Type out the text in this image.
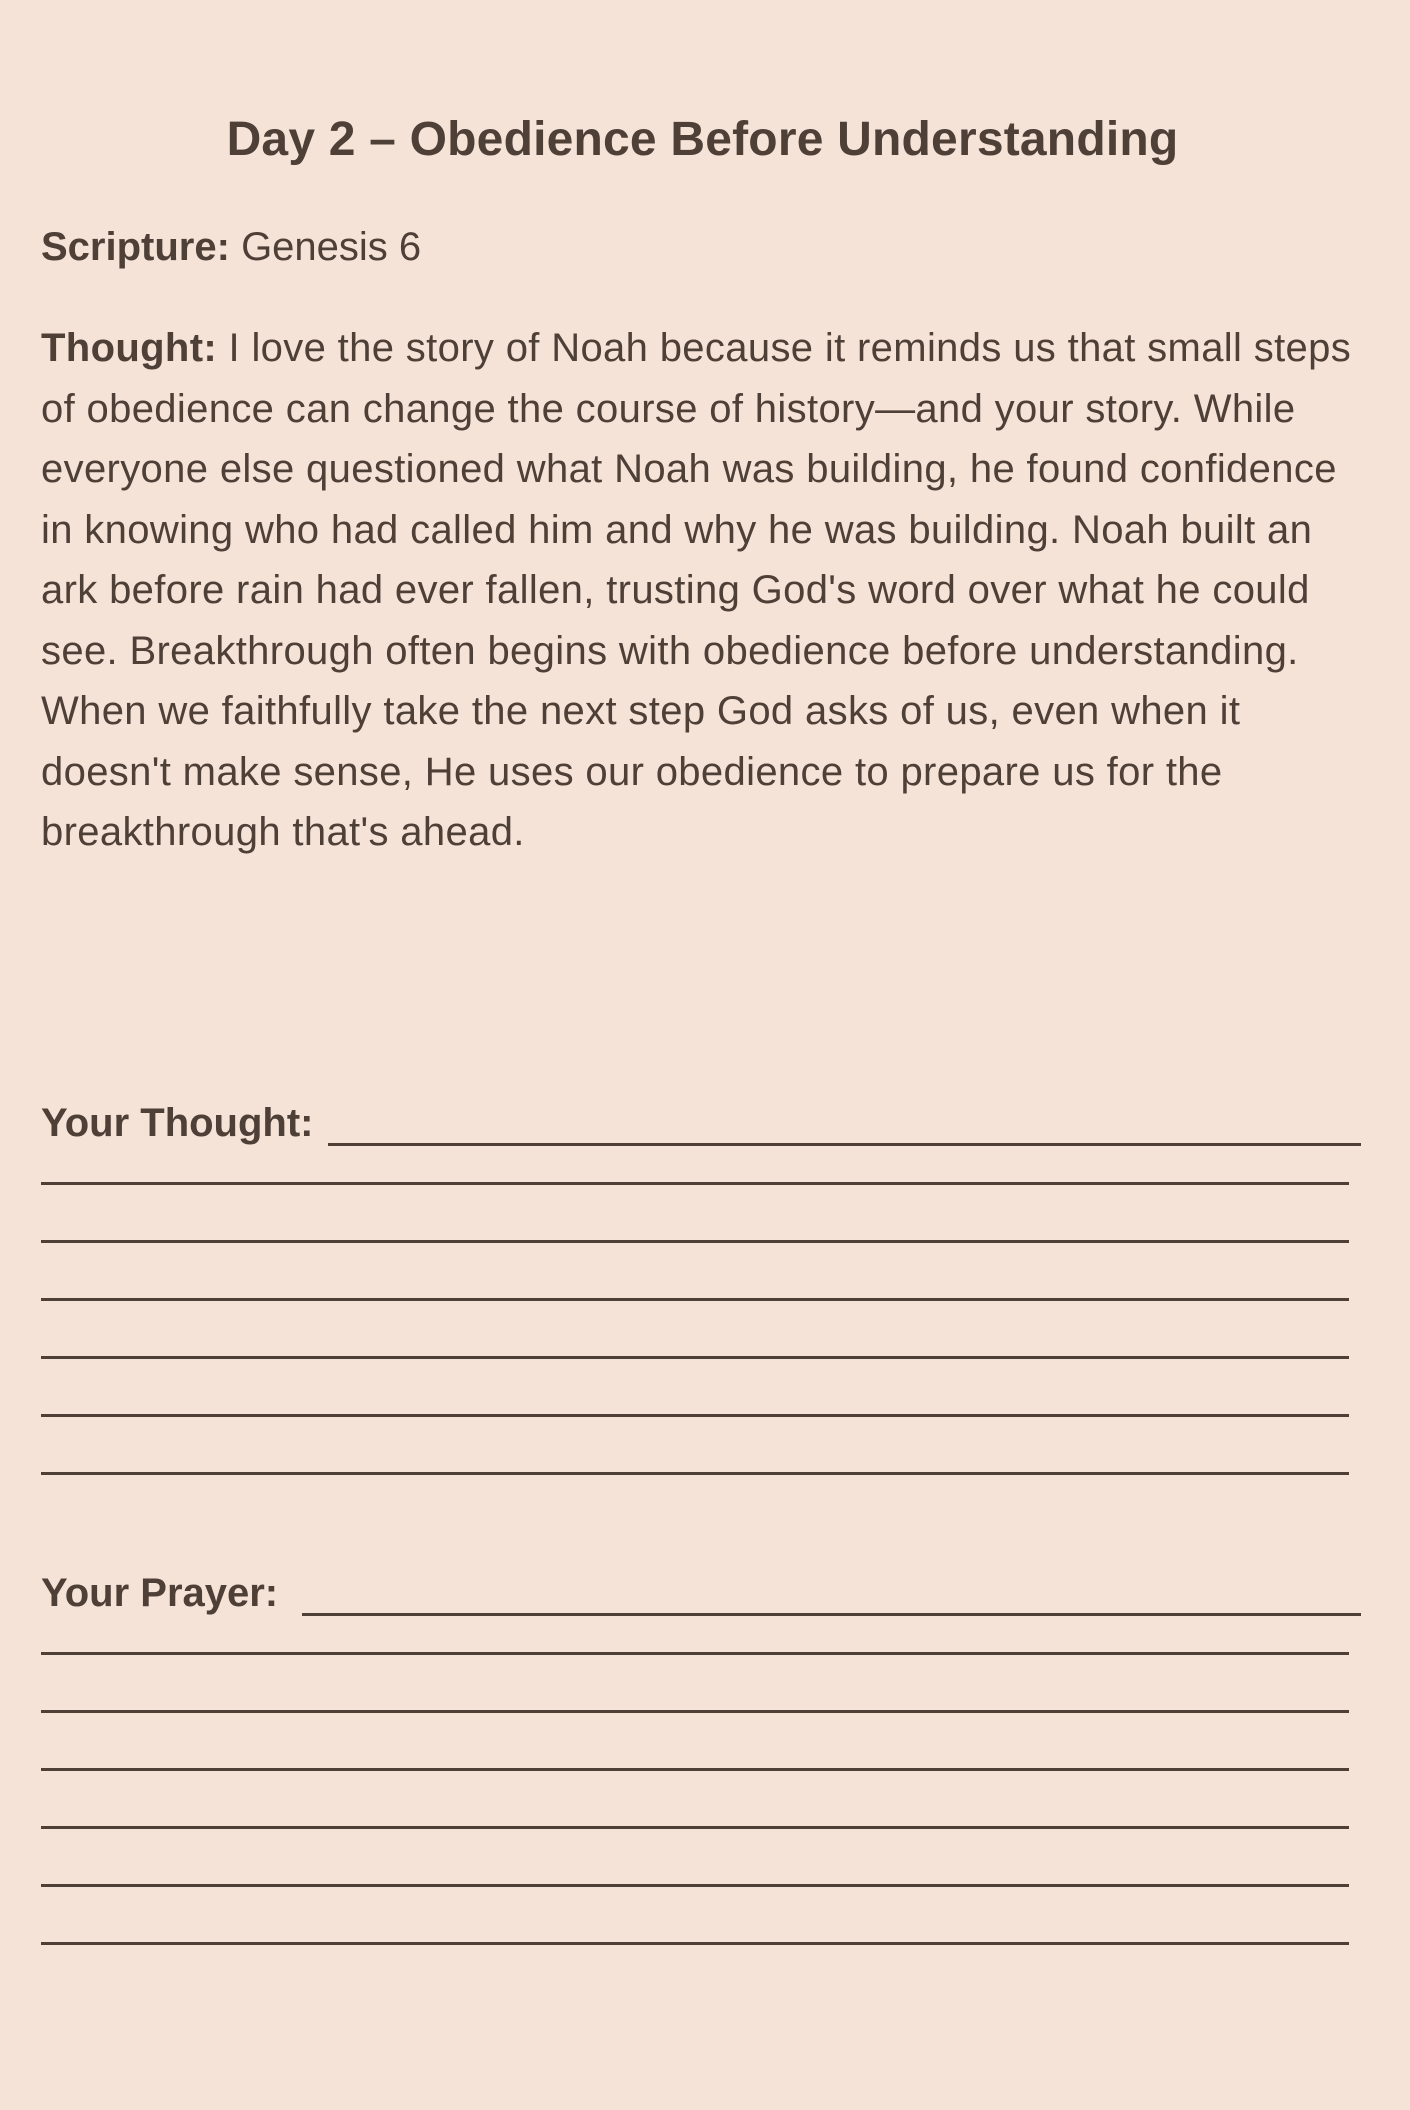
Day 2 – Obedience Before Understanding
Scripture: Genesis 6
Thought: I love the story of Noah because it reminds us that small steps of obedience can change the course of history—and your story. While everyone else questioned what Noah was building, he found confidence in knowing who had called him and why he was building. Noah built an ark before rain had ever fallen, trusting God's word over what he could see. Breakthrough often begins with obedience before understanding. When we faithfully take the next step God asks of us, even when it doesn't make sense, He uses our obedience to prepare us for the breakthrough that's ahead.
Your Thought:
Your Prayer:
